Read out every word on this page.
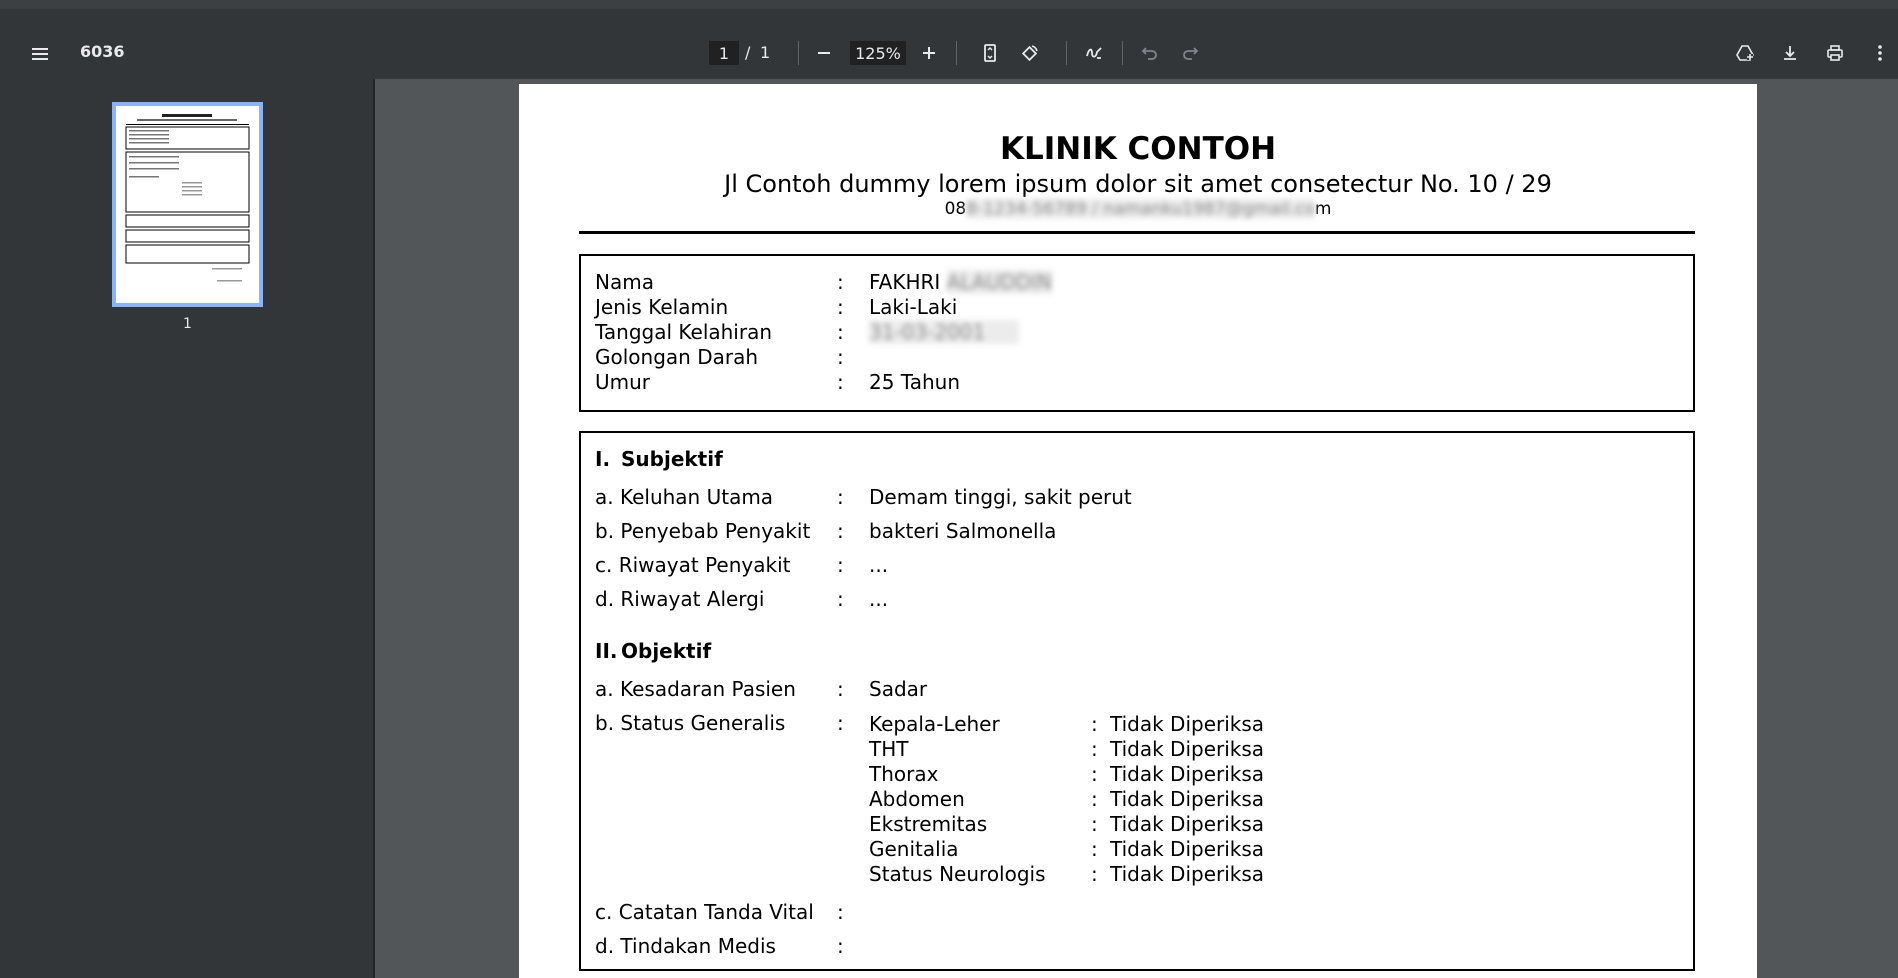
6036	1 / 1	125%
1
KLINIK CONTOH
Jl Contoh dummy lorem ipsum dolor sit amet consetectur No. 10 / 29
088-1234-56789 / namanku1987@gmail.com
Nama	: FAKHRI ALAUDDIN
Jenis Kelamin	: Laki-Laki
Tanggal Kelahiran	: 31-03-2001
Golongan Darah	:
Umur	: 25 Tahun
I. Subjektif
a. Keluhan Utama	: Demam tinggi, sakit perut
b. Penyebab Penyakit : bakteri Salmonella
c. Riwayat Penyakit : ...
d. Riwayat Alergi	: ...
II. Objektif
a. Kesadaran Pasien : Sadar
b. Status Generalis	: Kepala-Leher	: Tidak Diperiksa
THT	: Tidak Diperiksa
Thorax	: Tidak Diperiksa
Abdomen	: Tidak Diperiksa
Ekstremitas	: Tidak Diperiksa
Genitalia	: Tidak Diperiksa
Status Neurologis : Tidak Diperiksa
c. Catatan Tanda Vital :
d. Tindakan Medis	:
